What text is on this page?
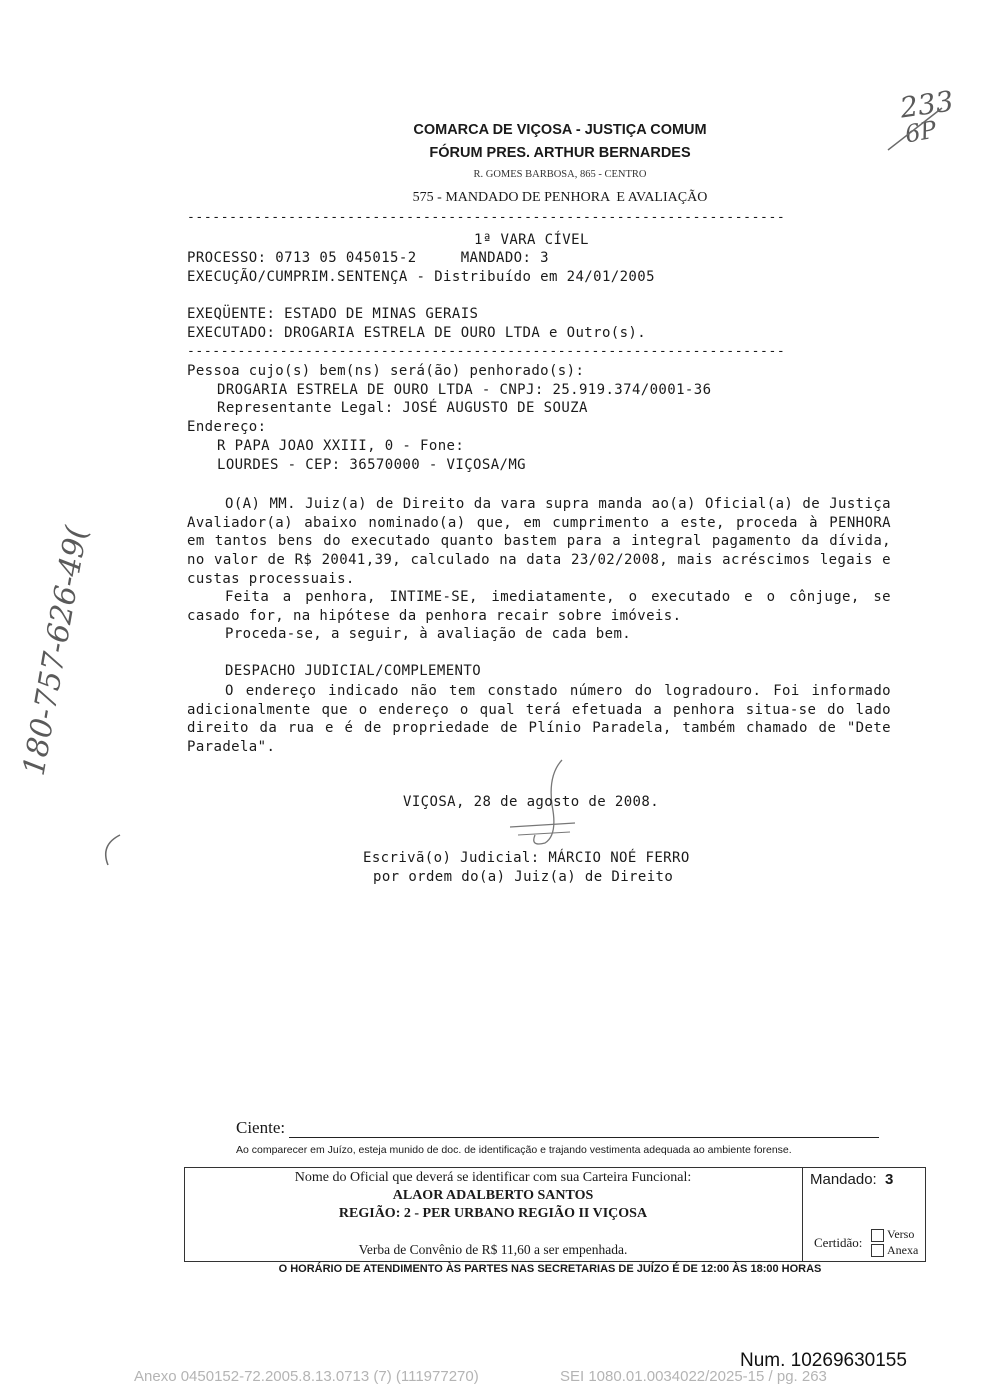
233
6P
180-757-626-49(
COMARCA DE VIÇOSA - JUSTIÇA COMUM
FÓRUM PRES. ARTHUR BERNARDES
R. GOMES BARBOSA, 865 - CENTRO
575 - MANDADO DE PENHORA  E AVALIAÇÃO
-----------------------------------------------------------------------
1ª VARA CÍVEL
PROCESSO: 0713 05 045015-2     MANDADO: 3
EXECUÇÃO/CUMPRIM.SENTENÇA - Distribuído em 24/01/2005
EXEQÜENTE: ESTADO DE MINAS GERAIS
EXECUTADO: DROGARIA ESTRELA DE OURO LTDA e Outro(s).
-----------------------------------------------------------------------
Pessoa cujo(s) bem(ns) será(ão) penhorado(s):
DROGARIA ESTRELA DE OURO LTDA - CNPJ: 25.919.374/0001-36
Representante Legal: JOSÉ AUGUSTO DE SOUZA
Endereço:
R PAPA JOAO XXIII, 0 - Fone:
LOURDES - CEP: 36570000 - VIÇOSA/MG
O(A) MM. Juiz(a) de Direito da vara supra manda ao(a) Oficial(a) de Justiça Avaliador(a) abaixo nominado(a) que, em cumprimento a este, proceda à PENHORA em tantos bens do executado quanto bastem para a integral pagamento da dívida, no valor de R$ 20041,39, calculado na data 23/02/2008, mais acréscimos legais e custas processuais.
Feita a penhora, INTIME-SE, imediatamente, o executado e o cônjuge, se casado for, na hipótese da penhora recair sobre imóveis.
Proceda-se, a seguir, à avaliação de cada bem.
DESPACHO JUDICIAL/COMPLEMENTO
O endereço indicado não tem constado número do logradouro. Foi informado adicionalmente que o endereço o qual terá efetuada a penhora situa-se do lado direito da rua e é de propriedade de Plínio Paradela, também chamado de "Dete Paradela".
VIÇOSA, 28 de agosto de 2008.
Escrivã(o) Judicial: MÁRCIO NOÉ FERRO
por ordem do(a) Juiz(a) de Direito
Ciente:
Ao comparecer em Juízo, esteja munido de doc. de identificação e trajando vestimenta adequada ao ambiente forense.
Nome do Oficial que deverá se identificar com sua Carteira Funcional:
ALAOR ADALBERTO SANTOS
REGIÃO: 2 - PER URBANO REGIÃO II VIÇOSA
Verba de Convênio de R$ 11,60 a ser empenhada.
Mandado: 3
Certidão:
Verso
Anexa
O HORÁRIO DE ATENDIMENTO ÀS PARTES NAS SECRETARIAS DE JUÍZO É DE 12:00 ÀS 18:00 HORAS
Num. 10269630155
Anexo 0450152-72.2005.8.13.0713 (7) (111977270)	SEI 1080.01.0034022/2025-15 / pg. 263
